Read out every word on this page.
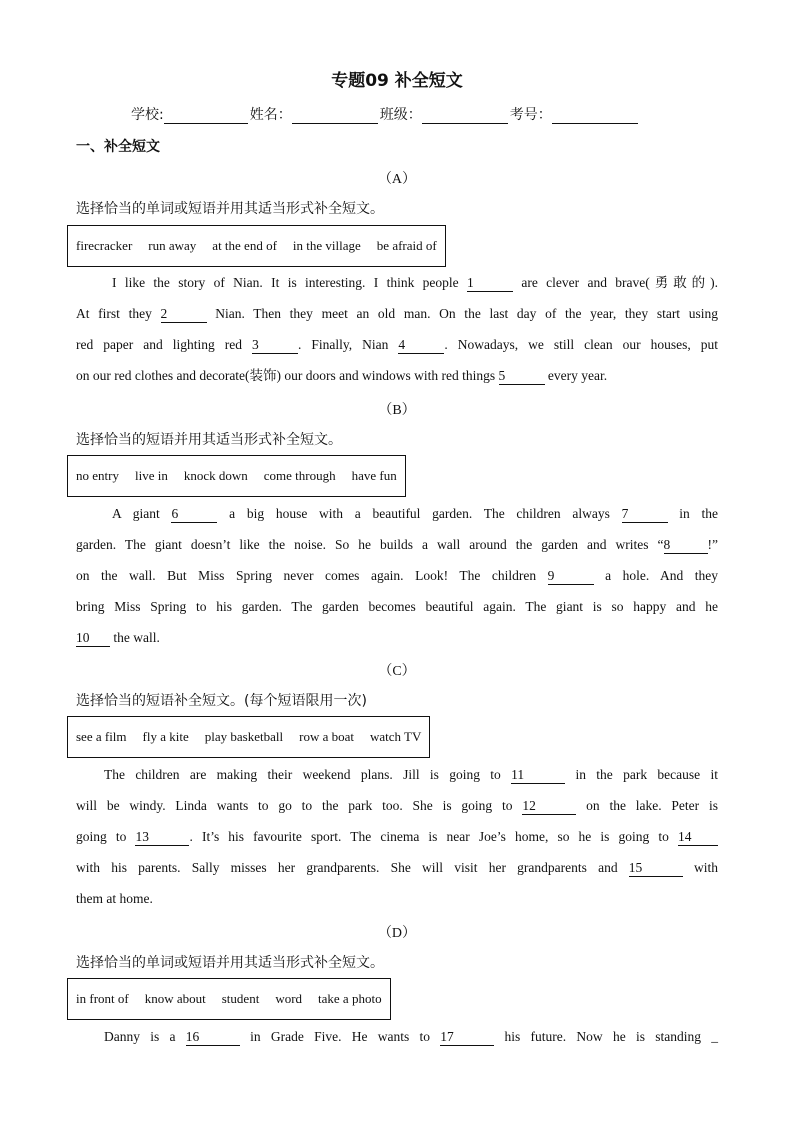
专题09 补全短文
学校:	姓名：	班级：	考号：
一、补全短文
（A）
选择恰当的单词或短语并用其适当形式补全短文。
firecracker run away at the end of in the village be afraid of
I like the story of Nian. It is interesting. I think people 1	are clever and brave(勇敢的).
At first they 2	Nian. Then they meet an old man. On the last day of the year, they start using
red paper and lighting red 3	. Finally, Nian 4	. Nowadays, we still clean our houses, put
on our red clothes and decorate(装饰) our doors and windows with red things 5	every year.
（B）
选择恰当的短语并用其适当形式补全短文。
no entry live in knock down come through have fun
A giant 6	a big house with a beautiful garden. The children always 7	in the
garden. The giant doesn’t like the noise. So he builds a wall around the garden and writes “8	!”
on the wall. But Miss Spring never comes again. Look! The children 9	a hole. And they
bring Miss Spring to his garden. The garden becomes beautiful again. The giant is so happy and he
10 the wall.
（C）
选择恰当的短语补全短文。(每个短语限用一次)
see a film fly a kite play basketball row a boat watch TV
The children are making their weekend plans. Jill is going to 11	in the park because it
will be windy. Linda wants to go to the park too. She is going to 12	on the lake. Peter is
going to 13	. It’s his favourite sport. The cinema is near Joe’s home, so he is going to 14
with his parents. Sally misses her grandparents. She will visit her grandparents and 15	with
them at home.
（D）
选择恰当的单词或短语并用其适当形式补全短文。
in front of know about student word take a photo
Danny is a 16	in Grade Five. He wants to 17	his future. Now he is standing _
